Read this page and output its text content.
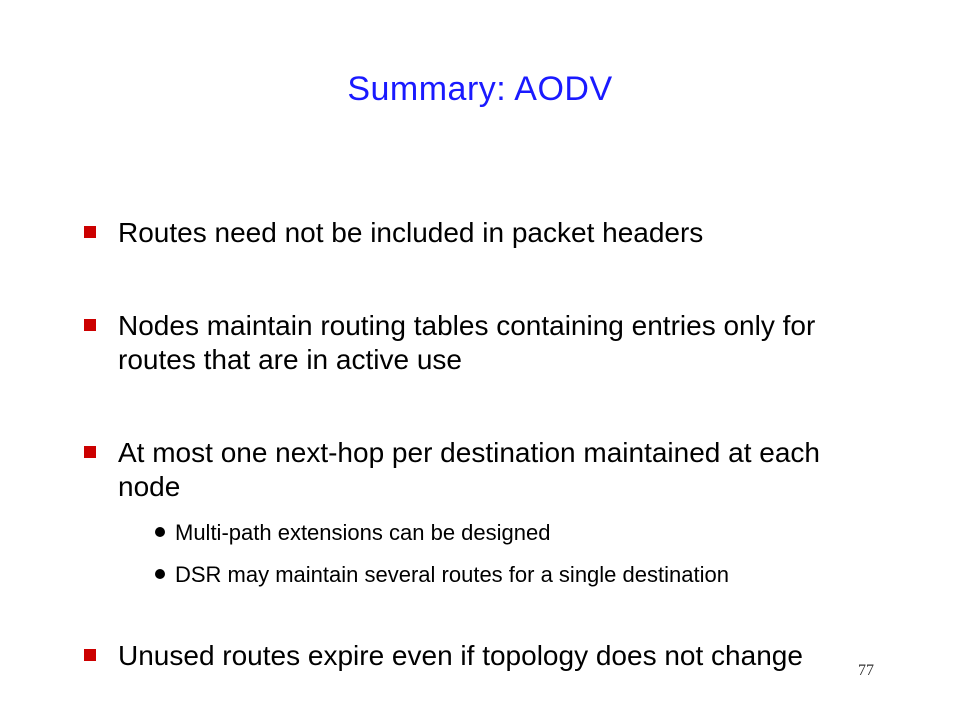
Summary: AODV
Routes need not be included in packet headers
Nodes maintain routing tables containing entries only for routes that are in active use
At most one next-hop per destination maintained at each node
Multi-path extensions can be designed
DSR may maintain several routes for a single destination
Unused routes expire even if topology does not change	77
